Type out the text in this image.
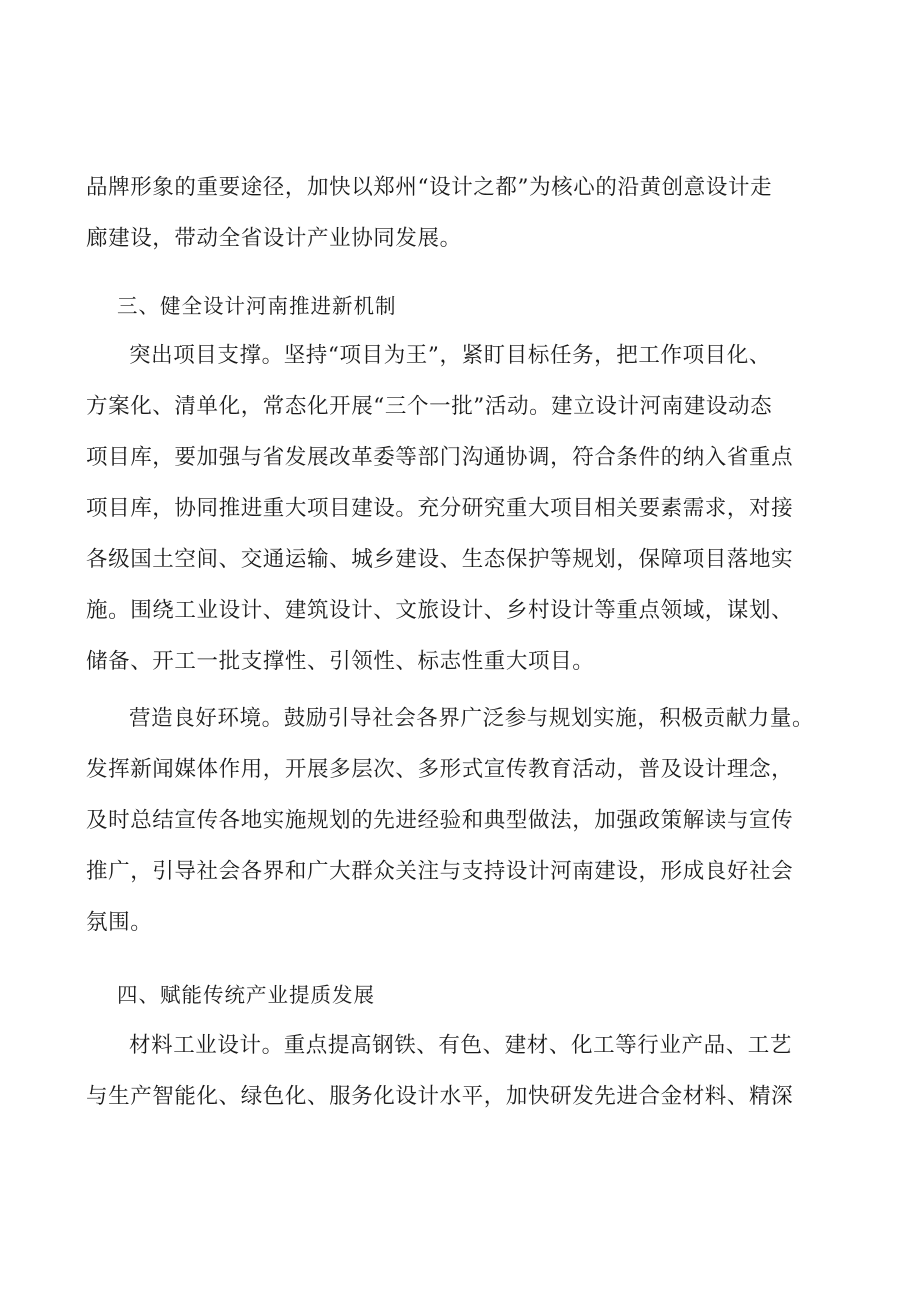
品牌形象的重要途径，加快以郑州“设计之都”为核心的沿黄创意设计走
廊建设，带动全省设计产业协同发展。
三、健全设计河南推进新机制
突出项目支撑。坚持“项目为王”，紧盯目标任务，把工作项目化、
方案化、清单化，常态化开展“三个一批”活动。建立设计河南建设动态
项目库，要加强与省发展改革委等部门沟通协调，符合条件的纳入省重点
项目库，协同推进重大项目建设。充分研究重大项目相关要素需求，对接
各级国土空间、交通运输、城乡建设、生态保护等规划，保障项目落地实
施。围绕工业设计、建筑设计、文旅设计、乡村设计等重点领域，谋划、
储备、开工一批支撑性、引领性、标志性重大项目。
营造良好环境。鼓励引导社会各界广泛参与规划实施，积极贡献力量。
发挥新闻媒体作用，开展多层次、多形式宣传教育活动，普及设计理念，
及时总结宣传各地实施规划的先进经验和典型做法，加强政策解读与宣传
推广，引导社会各界和广大群众关注与支持设计河南建设，形成良好社会
氛围。
四、赋能传统产业提质发展
材料工业设计。重点提高钢铁、有色、建材、化工等行业产品、工艺
与生产智能化、绿色化、服务化设计水平，加快研发先进合金材料、精深
